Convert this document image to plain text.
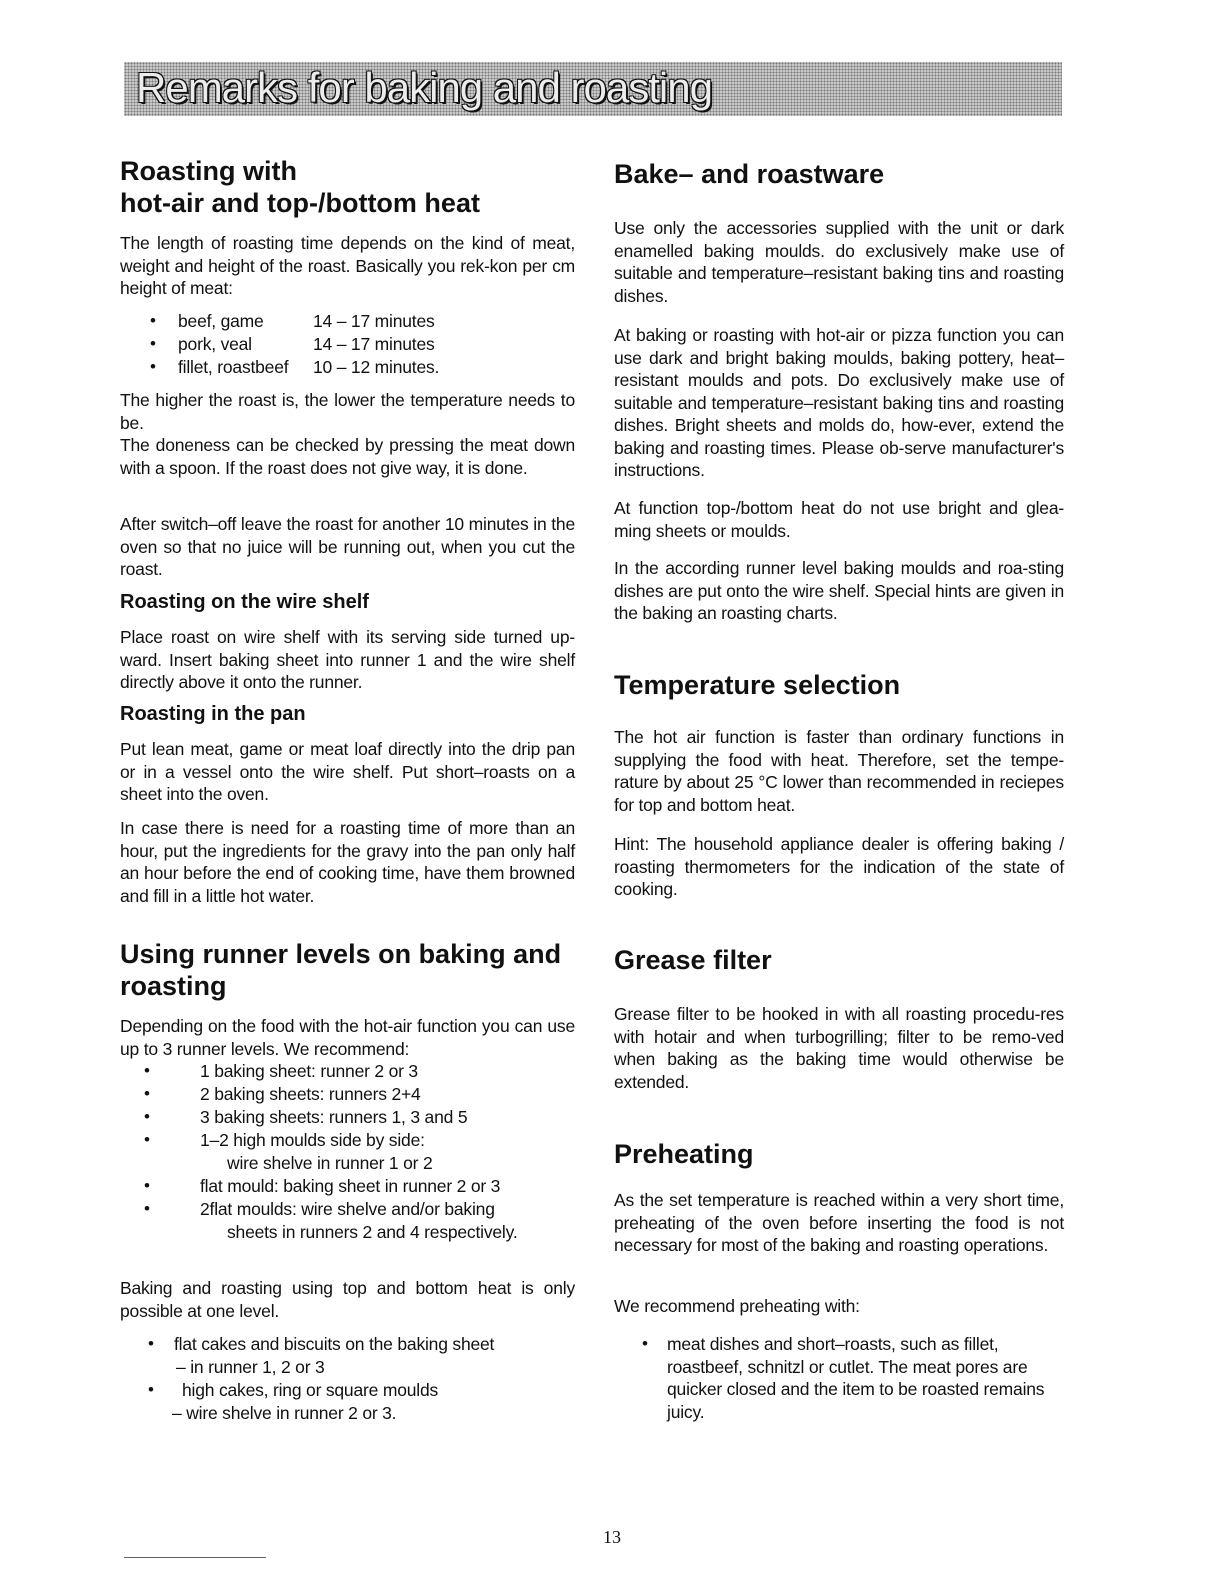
Remarks for baking and roasting
Roasting with
hot-air and top-/bottom heat

The length of roasting time depends on the kind of meat, weight and height of the roast. Basically you rek-kon per cm height of meat:

• beef, game	14 – 17 minutes
• pork, veal	14 – 17 minutes
• fillet, roastbeef 10 – 12 minutes.

The higher the roast is, the lower the temperature needs to be.

The doneness can be checked by pressing the meat down with a spoon. If the roast does not give way, it is done.

After switch–off leave the roast for another 10 minutes in the oven so that no juice will be running out, when you cut the roast.

Roasting on the wire shelf

Place roast on wire shelf with its serving side turned up-ward. Insert baking sheet into runner 1 and the wire shelf directly above it onto the runner.

Roasting in the pan

Put lean meat, game or meat loaf directly into the drip pan or in a vessel onto the wire shelf. Put short–roasts on a sheet into the oven.

In case there is need for a roasting time of more than an hour, put the ingredients for the gravy into the pan only half an hour before the end of cooking time, have them browned and fill in a little hot water.

Using runner levels on baking and
roasting

Depending on the food with the hot-air function you can use up to 3 runner levels. We recommend:

•	1 baking sheet: runner 2 or 3
•	2 baking sheets: runners 2+4
•	3 baking sheets: runners 1, 3 and 5
•	1–2 high moulds side by side:
wire shelve in runner 1 or 2
•	flat mould: baking sheet in runner 2 or 3
•	2flat moulds: wire shelve and/or baking
sheets in runners 2 and 4 respectively.

Baking and roasting using top and bottom heat is only possible at one level.

• flat cakes and biscuits on the baking sheet
– in runner 1, 2 or 3
• high cakes, ring or square moulds
– wire shelve in runner 2 or 3.
Bake– and roastware

Use only the accessories supplied with the unit or dark enamelled baking moulds. do exclusively make use of suitable and temperature–resistant baking tins and roasting dishes.

At baking or roasting with hot-air or pizza function you can use dark and bright baking moulds, baking pottery, heat–resistant moulds and pots. Do exclusively make use of suitable and temperature–resistant baking tins and roasting dishes. Bright sheets and molds do, how-ever, extend the baking and roasting times. Please ob-serve manufacturer's instructions.

At function top-/bottom heat do not use bright and glea-ming sheets or moulds.

In the according runner level baking moulds and roa-sting dishes are put onto the wire shelf. Special hints are given in the baking an roasting charts.

Temperature selection

The hot air function is faster than ordinary functions in supplying the food with heat. Therefore, set the tempe-rature by about 25 °C lower than recommended in reciepes for top and bottom heat.

Hint: The household appliance dealer is offering baking / roasting thermometers for the indication of the state of cooking.

Grease filter

Grease filter to be hooked in with all roasting procedu-res with hotair and when turbogrilling; filter to be remo-ved when baking as the baking time would otherwise be extended.

Preheating

As the set temperature is reached within a very short time, preheating of the oven before inserting the food is not necessary for most of the baking and roasting operations.

We recommend preheating with:

• meat dishes and short–roasts, such as fillet, roastbeef, schnitzl or cutlet. The meat pores are quicker closed and the item to be roasted remains juicy.

13
